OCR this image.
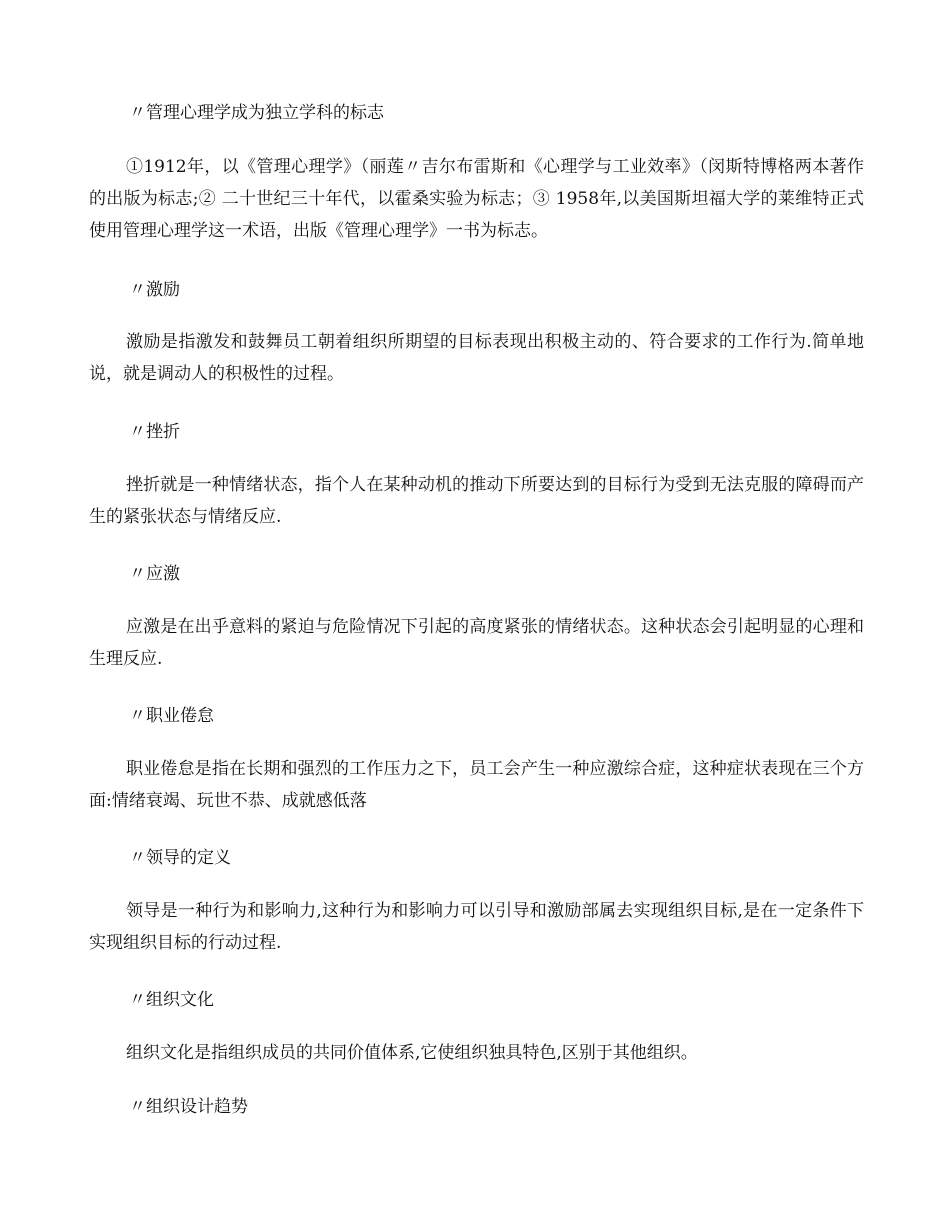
〃管理心理学成为独立学科的标志
①1912年，以《管理心理学》（丽莲〃吉尔布雷斯和《心理学与工业效率》（闵斯特博格两本著作的出版为标志;② 二十世纪三十年代，以霍桑实验为标志；③ 1958年,以美国斯坦福大学的莱维特正式使用管理心理学这一术语，出版《管理心理学》一书为标志。
〃激励
激励是指激发和鼓舞员工朝着组织所期望的目标表现出积极主动的、符合要求的工作行为.简单地说，就是调动人的积极性的过程。
〃挫折
挫折就是一种情绪状态，指个人在某种动机的推动下所要达到的目标行为受到无法克服的障碍而产生的紧张状态与情绪反应.
〃应激
应激是在出乎意料的紧迫与危险情况下引起的高度紧张的情绪状态。这种状态会引起明显的心理和生理反应.
〃职业倦怠
职业倦怠是指在长期和强烈的工作压力之下，员工会产生一种应激综合症，这种症状表现在三个方面:情绪衰竭、玩世不恭、成就感低落
〃领导的定义
领导是一种行为和影响力,这种行为和影响力可以引导和激励部属去实现组织目标,是在一定条件下实现组织目标的行动过程.
〃组织文化
组织文化是指组织成员的共同价值体系,它使组织独具特色,区别于其他组织。
〃组织设计趋势
